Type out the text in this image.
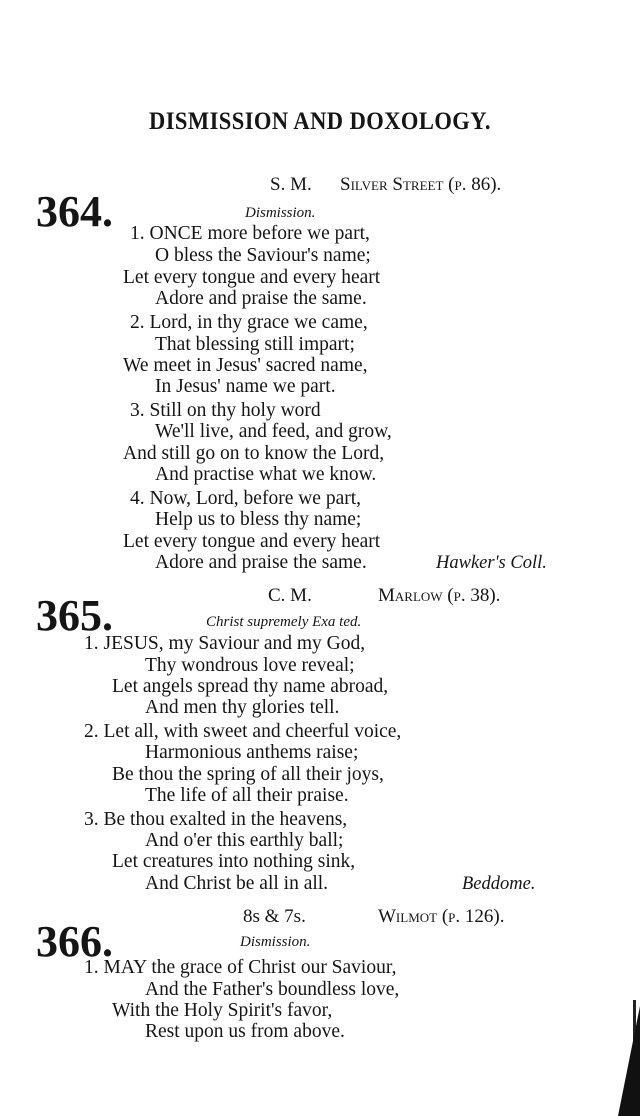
DISMISSION AND DOXOLOGY.
364.
S. M. Silver Street (p. 86).
Dismission.
1. ONCE more before we part,
O bless the Saviour's name;
Let every tongue and every heart
Adore and praise the same.
2. Lord, in thy grace we came,
That blessing still impart;
We meet in Jesus' sacred name,
In Jesus' name we part.
3. Still on thy holy word
We'll live, and feed, and grow,
And still go on to know the Lord,
And practise what we know.
4. Now, Lord, before we part,
Help us to bless thy name;
Let every tongue and every heart
Adore and praise the same.	Hawker's Coll.
365.	C. M.	Marlow (p. 38).
Christ supremely Exa ted.
1. JESUS, my Saviour and my God,
Thy wondrous love reveal;
Let angels spread thy name abroad,
And men thy glories tell.
2. Let all, with sweet and cheerful voice,
Harmonious anthems raise;
Be thou the spring of all their joys,
The life of all their praise.
3. Be thou exalted in the heavens,
And o'er this earthly ball;
Let creatures into nothing sink,
And Christ be all in all.	Beddome.
366.
8s & 7s.	Wilmot (p. 126).
Dismission.
1. MAY the grace of Christ our Saviour,
And the Father's boundless love,
With the Holy Spirit's favor,
Rest upon us from above.
